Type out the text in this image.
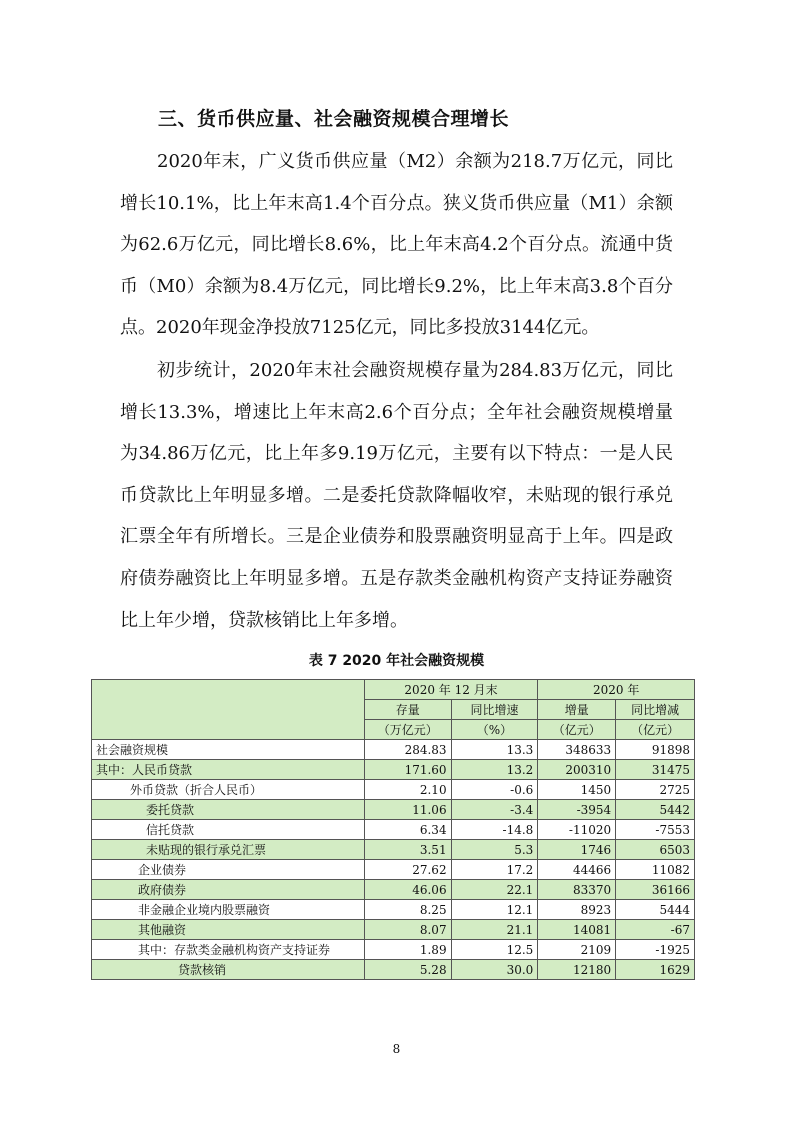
三、货币供应量、社会融资规模合理增长

2020年末，广义货币供应量（M2）余额为218.7万亿元，同比增长10.1%，比上年末高1.4个百分点。狭义货币供应量（M1）余额为62.6万亿元，同比增长8.6%，比上年末高4.2个百分点。流通中货币（M0）余额为8.4万亿元，同比增长9.2%，比上年末高3.8个百分点。2020年现金净投放7125亿元，同比多投放3144亿元。

初步统计，2020年末社会融资规模存量为284.83万亿元，同比增长13.3%，增速比上年末高2.6个百分点；全年社会融资规模增量为34.86万亿元，比上年多9.19万亿元，主要有以下特点：一是人民币贷款比上年明显多增。二是委托贷款降幅收窄，未贴现的银行承兑汇票全年有所增长。三是企业债券和股票融资明显高于上年。四是政府债券融资比上年明显多增。五是存款类金融机构资产支持证券融资比上年少增，贷款核销比上年多增。

表 7 2020 年社会融资规模
	2020 年 12 月末		2020 年	
	存量	同比增速	增量	同比增减
	（万亿元）	（%）	（亿元）	（亿元）
社会融资规模	284.83	13.3	348633	91898
其中：人民币贷款	171.60	13.2	200310	31475
外币贷款（折合人民币）	2.10	-0.6	1450	2725
委托贷款	11.06	-3.4	-3954	5442
信托贷款	6.34	-14.8	-11020	-7553
未贴现的银行承兑汇票	3.51	5.3	1746	6503
企业债券	27.62	17.2	44466	11082
政府债券	46.06	22.1	83370	36166
非金融企业境内股票融资	8.25	12.1	8923	5444
其他融资	8.07	21.1	14081	-67
其中：存款类金融机构资产支持证券	1.89	12.5	2109	-1925
贷款核销	5.28	30.0	12180	1629
8
